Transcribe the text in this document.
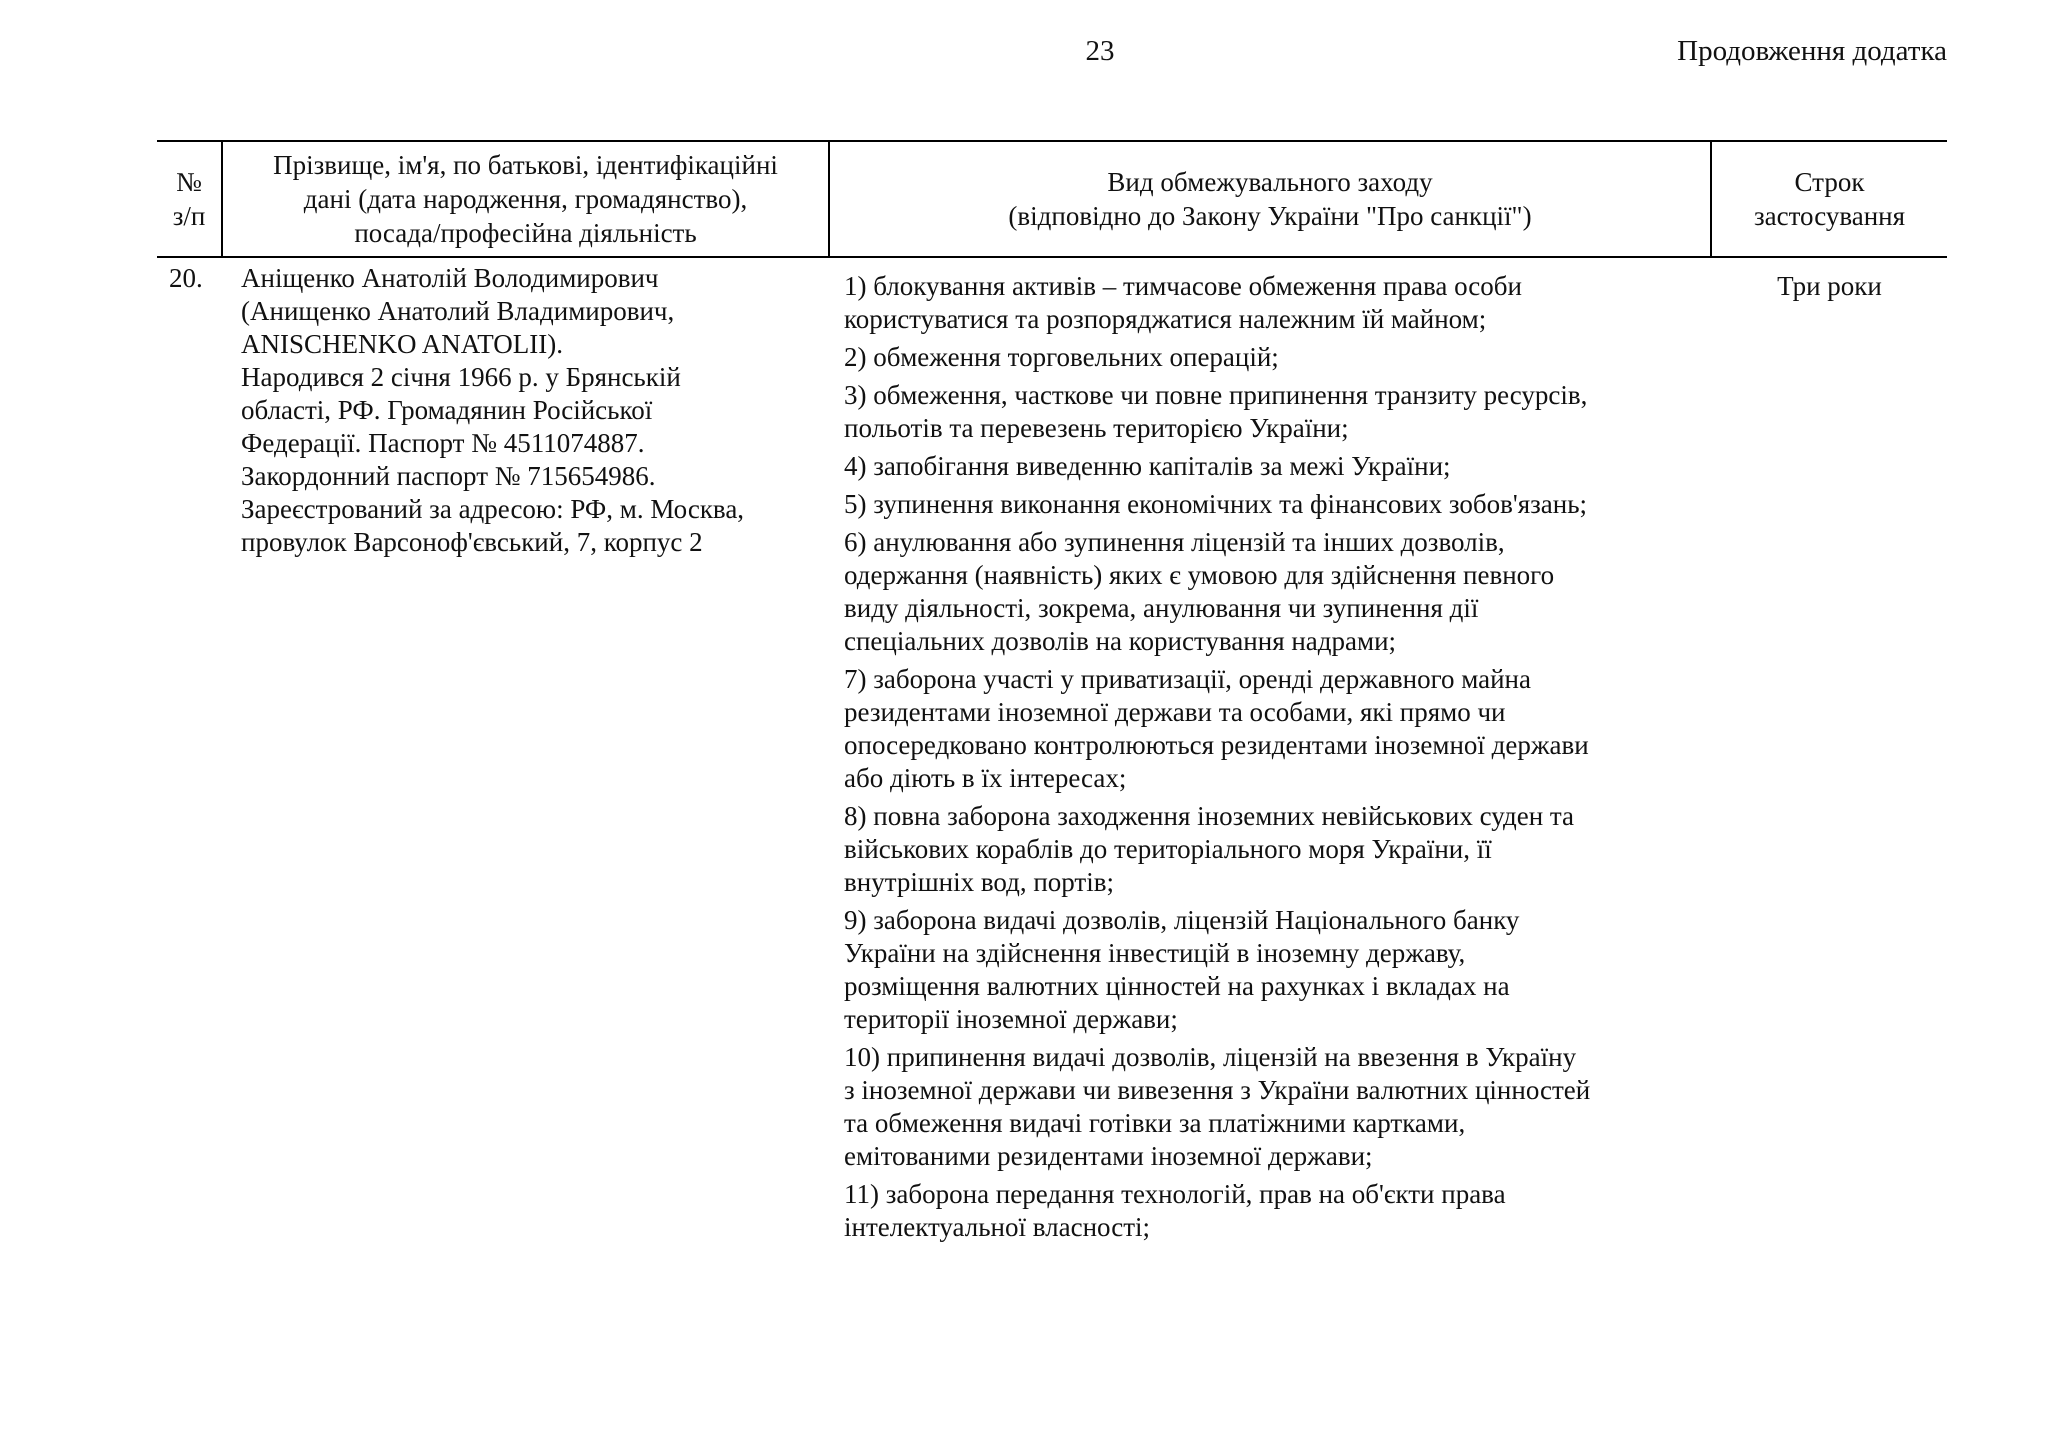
23	Продовження додатка
№
з/п
Прізвище, ім'я, по батькові, ідентифікаційні
дані (дата народження, громадянство),
посада/професійна діяльність
Вид обмежувального заходу
(відповідно до Закону України "Про санкції")
Строк
застосування
20.	Аніщенко Анатолій Володимирович
(Анищенко Анатолий Владимирович,
ANISCHENKO ANATOLII).
Народився 2 січня 1966 р. у Брянській
області, РФ. Громадянин Російської
Федерації. Паспорт № 4511074887.
Закордонний паспорт № 715654986.
Зареєстрований за адресою: РФ, м. Москва,
провулок Варсоноф'євський, 7, корпус 2
1) блокування активів – тимчасове обмеження права особи
користуватися та розпоряджатися належним їй майном;
2) обмеження торговельних операцій;
3) обмеження, часткове чи повне припинення транзиту ресурсів,
польотів та перевезень територією України;
4) запобігання виведенню капіталів за межі України;
5) зупинення виконання економічних та фінансових зобов'язань;
6) анулювання або зупинення ліцензій та інших дозволів,
одержання (наявність) яких є умовою для здійснення певного
виду діяльності, зокрема, анулювання чи зупинення дії
спеціальних дозволів на користування надрами;
7) заборона участі у приватизації, оренді державного майна
резидентами іноземної держави та особами, які прямо чи
опосередковано контролюються резидентами іноземної держави
або діють в їх інтересах;
8) повна заборона заходження іноземних невійськових суден та
військових кораблів до територіального моря України, її
внутрішніх вод, портів;
9) заборона видачі дозволів, ліцензій Національного банку
України на здійснення інвестицій в іноземну державу,
розміщення валютних цінностей на рахунках і вкладах на
території іноземної держави;
10) припинення видачі дозволів, ліцензій на ввезення в Україну
з іноземної держави чи вивезення з України валютних цінностей
та обмеження видачі готівки за платіжними картками,
емітованими резидентами іноземної держави;
11) заборона передання технологій, прав на об'єкти права
інтелектуальної власності;
Три роки
